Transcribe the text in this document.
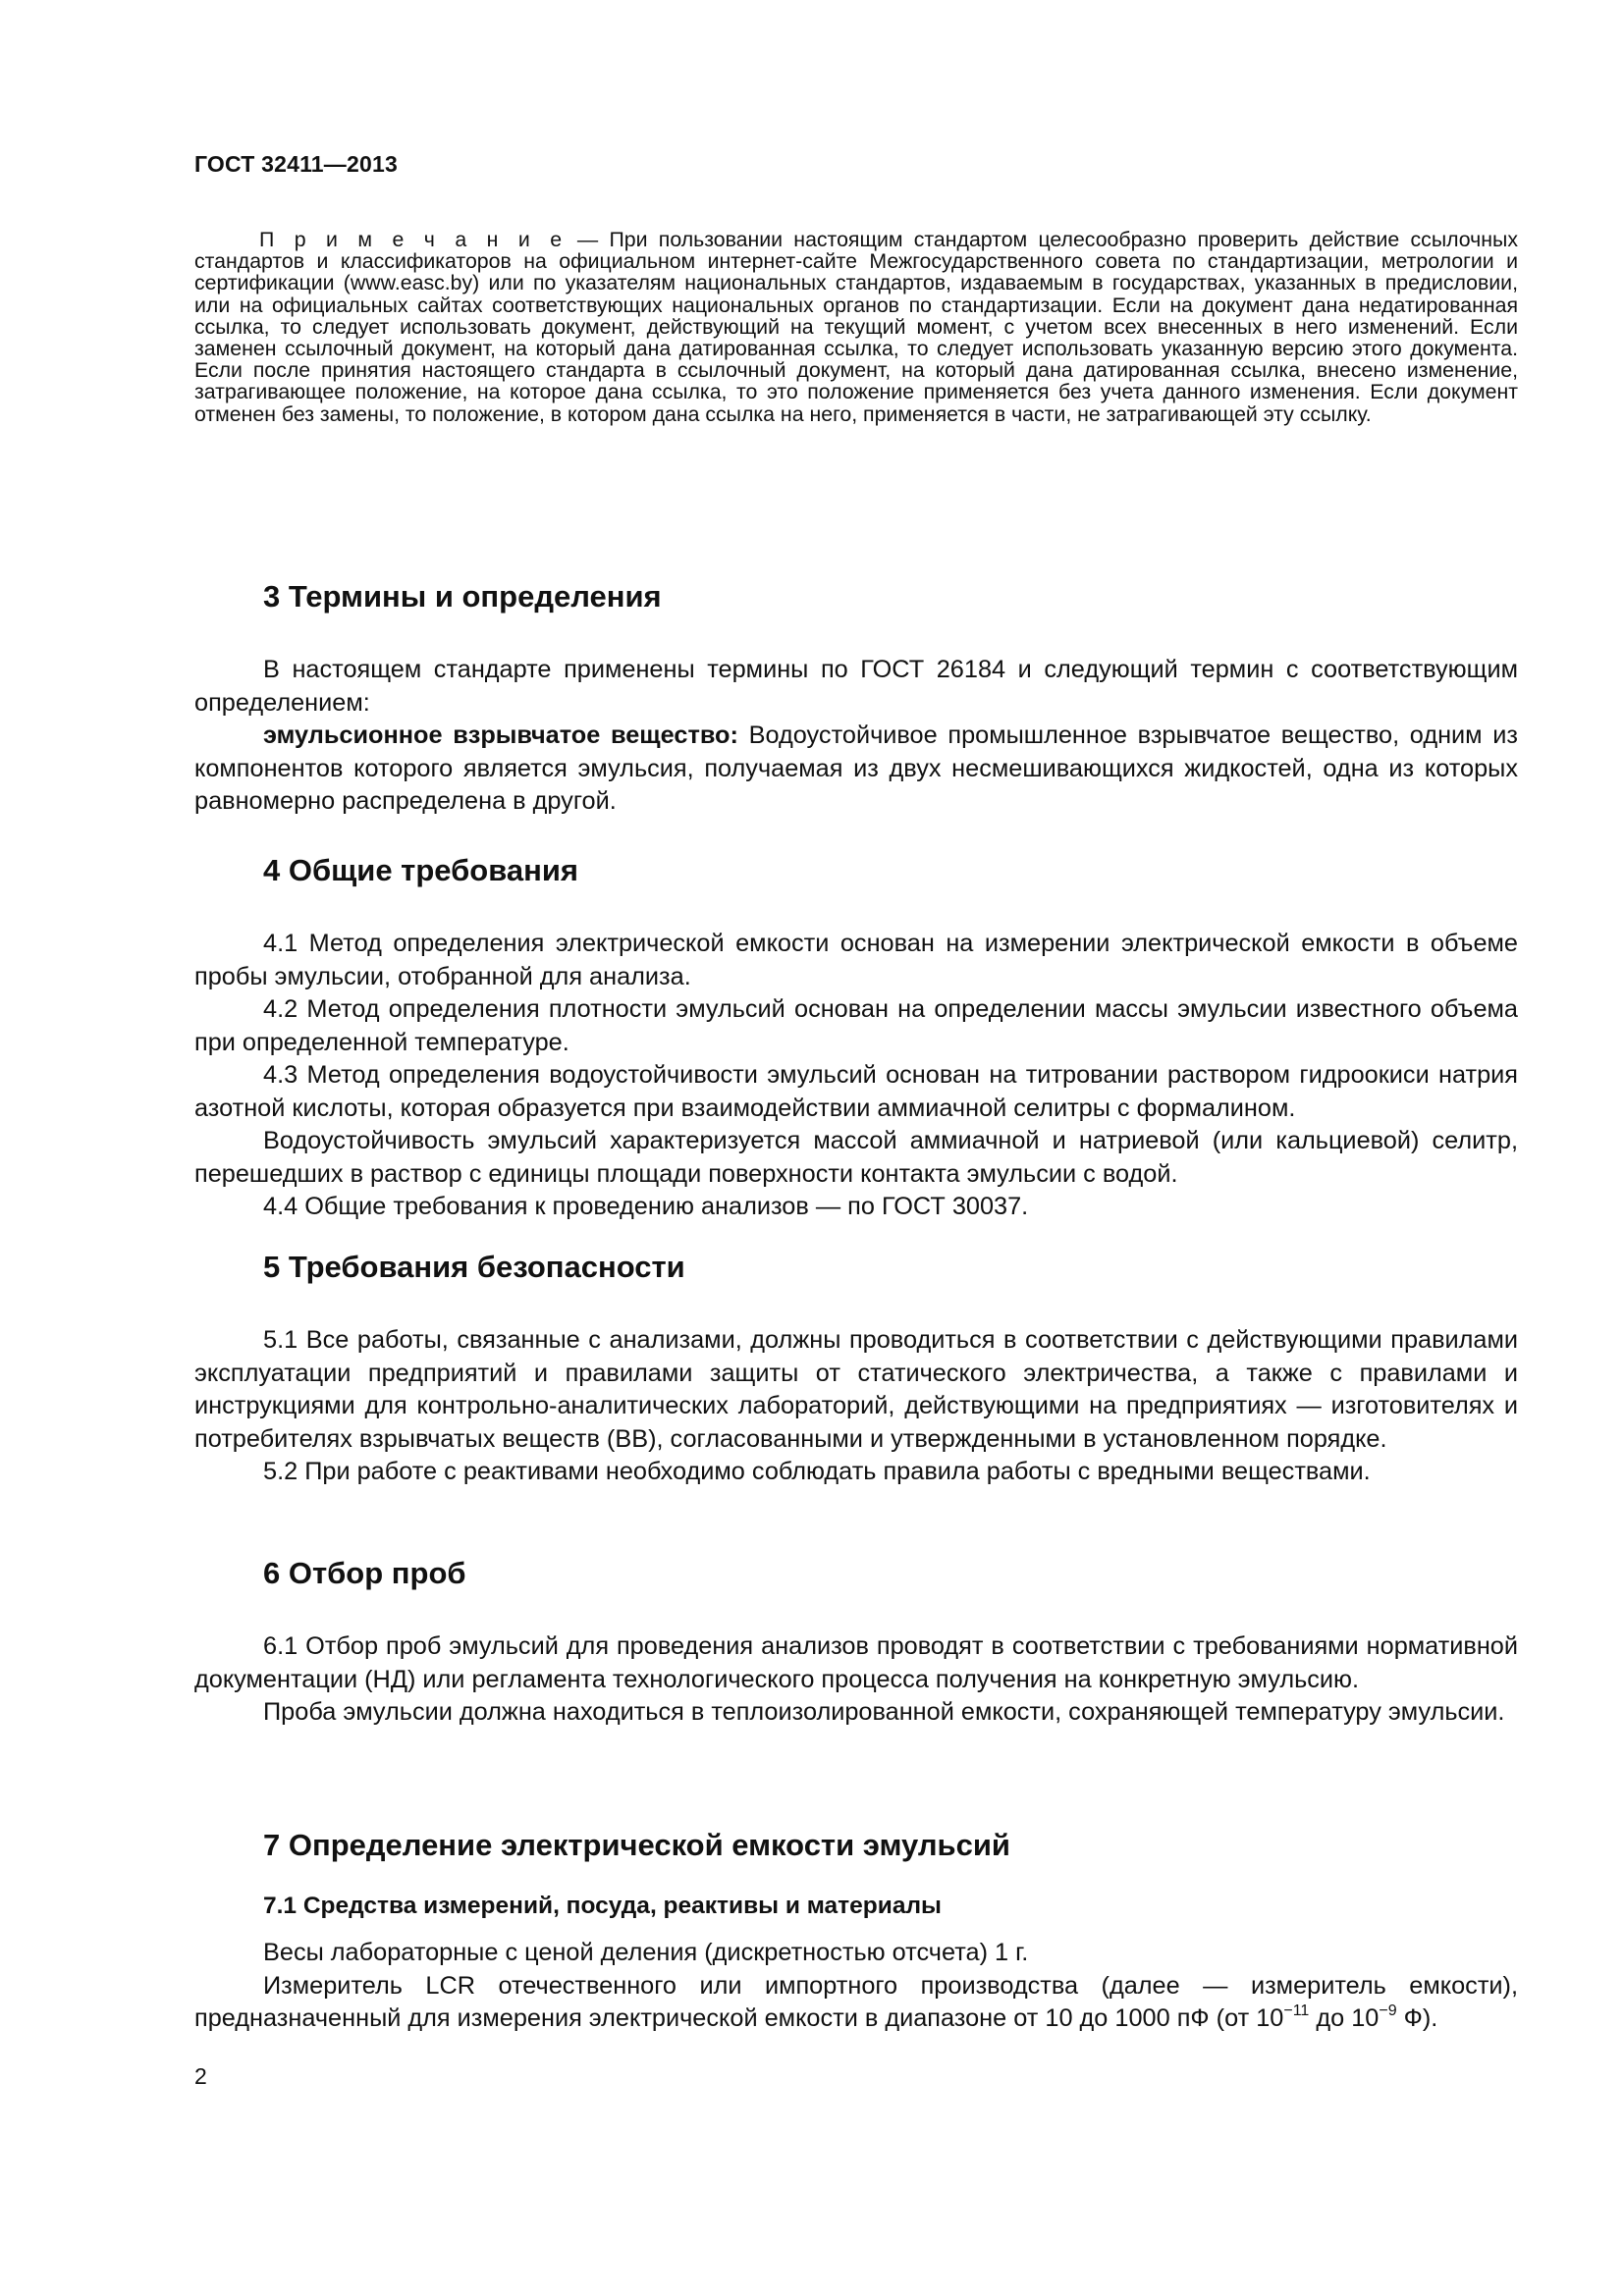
ГОСТ 32411—2013

П р и м е ч а н и е — При пользовании настоящим стандартом целесообразно проверить действие ссылочных стандартов и классификаторов на официальном интернет-сайте Межгосударственного совета по стандартизации, метрологии и сертификации (www.easc.by) или по указателям национальных стандартов, издаваемым в государствах, указанных в предисловии, или на официальных сайтах соответствующих национальных органов по стандартизации. Если на документ дана недатированная ссылка, то следует использовать документ, действующий на текущий момент, с учетом всех внесенных в него изменений. Если заменен ссылочный документ, на который дана датированная ссылка, то следует использовать указанную версию этого документа. Если после принятия настоящего стандарта в ссылочный документ, на который дана датированная ссылка, внесено изменение, затрагивающее положение, на которое дана ссылка, то это положение применяется без учета данного изменения. Если документ отменен без замены, то положение, в котором дана ссылка на него, применяется в части, не затрагивающей эту ссылку.

3 Термины и определения

В настоящем стандарте применены термины по ГОСТ 26184 и следующий термин с соответствующим определением:

эмульсионное взрывчатое вещество: Водоустойчивое промышленное взрывчатое вещество, одним из компонентов которого является эмульсия, получаемая из двух несмешивающихся жидкостей, одна из которых равномерно распределена в другой.

4 Общие требования

4.1 Метод определения электрической емкости основан на измерении электрической емкости в объеме пробы эмульсии, отобранной для анализа.

4.2 Метод определения плотности эмульсий основан на определении массы эмульсии известного объема при определенной температуре.

4.3 Метод определения водоустойчивости эмульсий основан на титровании раствором гидроокиси натрия азотной кислоты, которая образуется при взаимодействии аммиачной селитры с формалином.

Водоустойчивость эмульсий характеризуется массой аммиачной и натриевой (или кальциевой) селитр, перешедших в раствор с единицы площади поверхности контакта эмульсии с водой.

4.4 Общие требования к проведению анализов — по ГОСТ 30037.

5 Требования безопасности

5.1 Все работы, связанные с анализами, должны проводиться в соответствии с действующими правилами эксплуатации предприятий и правилами защиты от статического электричества, а также с правилами и инструкциями для контрольно-аналитических лабораторий, действующими на предприятиях — изготовителях и потребителях взрывчатых веществ (ВВ), согласованными и утвержденными в установленном порядке.

5.2 При работе с реактивами необходимо соблюдать правила работы с вредными веществами.

6 Отбор проб

6.1 Отбор проб эмульсий для проведения анализов проводят в соответствии с требованиями нормативной документации (НД) или регламента технологического процесса получения на конкретную эмульсию.

Проба эмульсии должна находиться в теплоизолированной емкости, сохраняющей температуру эмульсии.

7 Определение электрической емкости эмульсий
7.1 Средства измерений, посуда, реактивы и материалы

Весы лабораторные с ценой деления (дискретностью отсчета) 1 г.

Измеритель LCR отечественного или импортного производства (далее — измеритель емкости), предназначенный для измерения электрической емкости в диапазоне от 10 до 1000 пФ (от $10^{-11}$ до $10^{-9}$ Ф).

2
